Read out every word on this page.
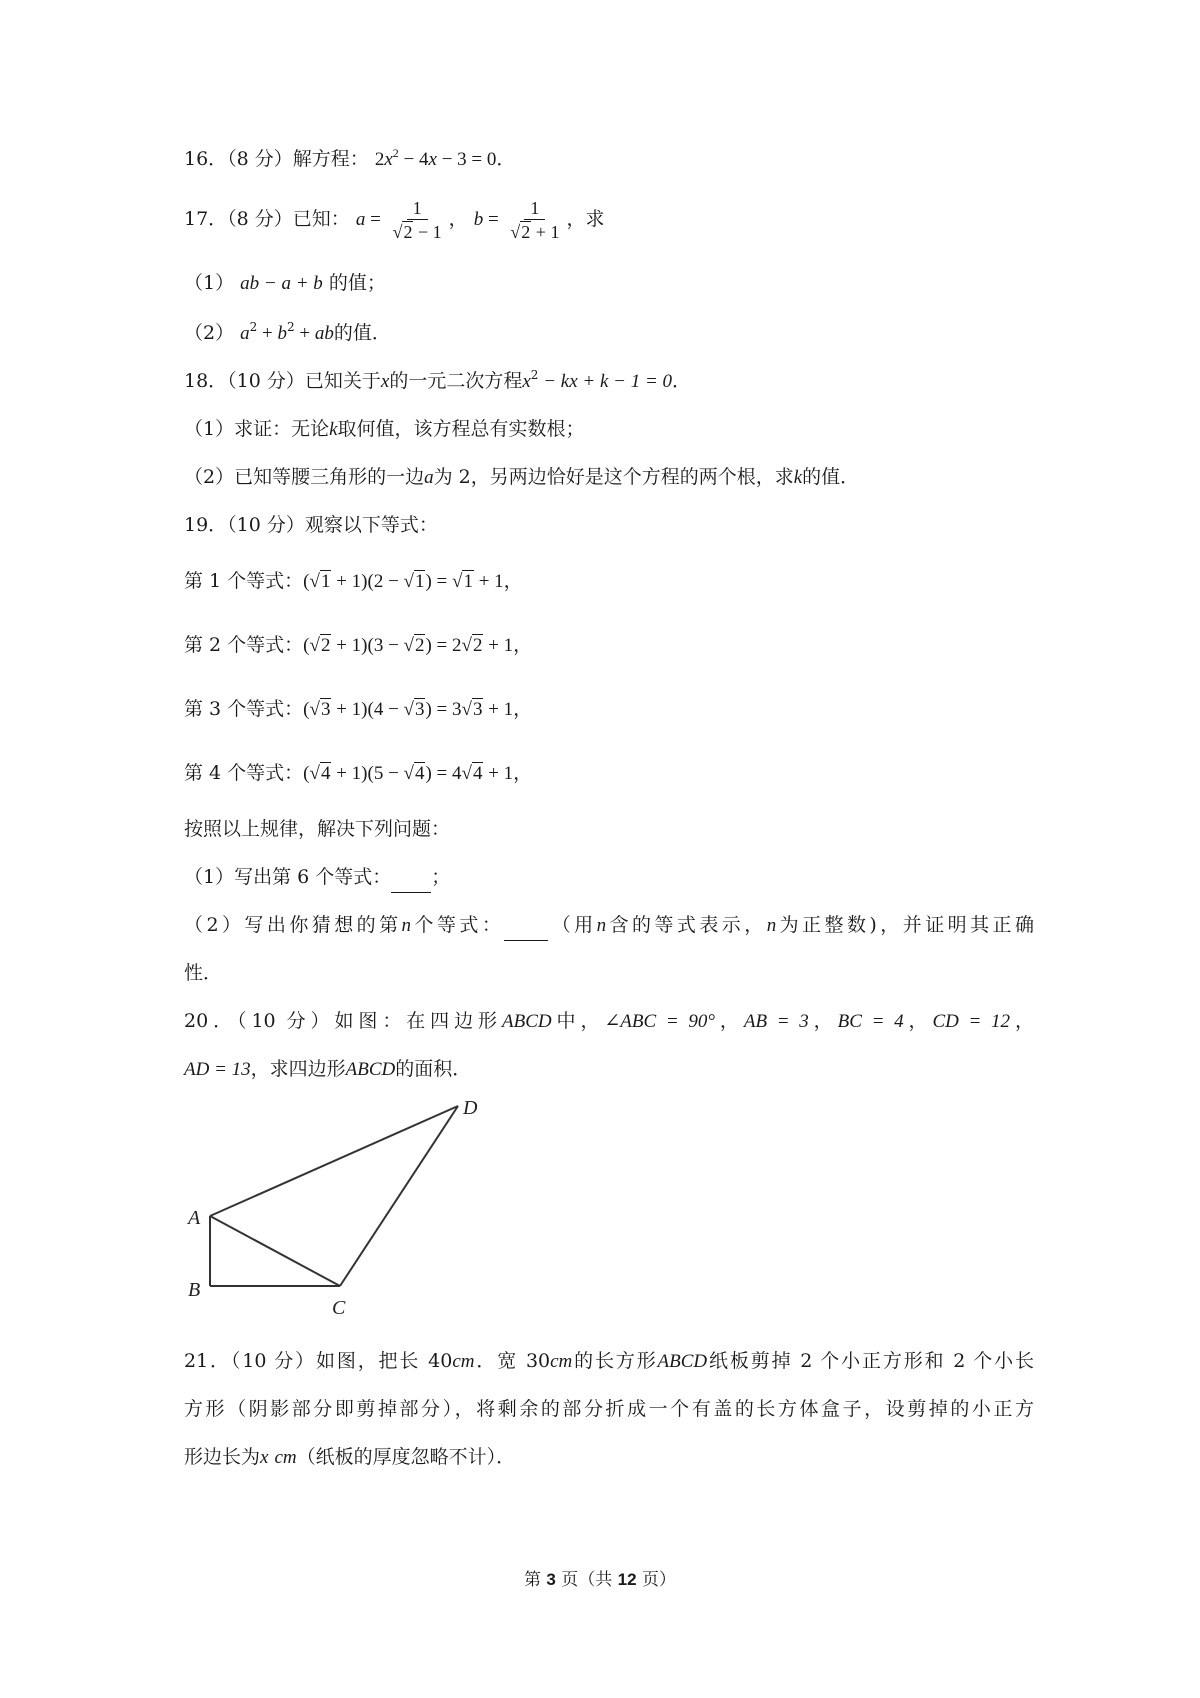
16．（8 分）解方程： $2x^2 - 4x - 3 = 0$．
17．（8 分）已知： $a = \frac{1}{√2 - 1}$ ， $b = \frac{1}{√2 + 1}$ ，求
（1） ab − a + b 的值；
（2） $a^2 + b^2$ + ab的值．
18．（10 分）已知关于x的一元二次方程$x^2$ − kx + k − 1 = 0．
（1）求证：无论k取何值，该方程总有实数根；
（2）已知等腰三角形的一边a为 2，另两边恰好是这个方程的两个根，求k的值．
19．（10 分）观察以下等式：
第 1 个等式：(√1 + 1)(2 − √1) = √1 + 1，
第 2 个等式：(√2 + 1)(3 − √2) = 2√2 + 1，
第 3 个等式：(√3 + 1)(4 − √3) = 3√3 + 1，
第 4 个等式：(√4 + 1)(5 − √4) = 4√4 + 1，
按照以上规律，解决下列问题：
（1）写出第 6 个等式： ；
（2）写出你猜想的第n个等式： （用n含的等式表示，n为正整数)，并证明其正确
性．
20．（10 分）如图：在四边形ABCD中，∠ABC = 90°，AB = 3，BC = 4，CD = 12，
AD = 13，求四边形ABCD的面积．
A
B
C
D
21．（10 分）如图，把长 40cm．宽 30cm的长方形ABCD纸板剪掉 2 个小正方形和 2 个小长
方形（阴影部分即剪掉部分），将剩余的部分折成一个有盖的长方体盒子，设剪掉的小正方
形边长为x cm（纸板的厚度忽略不计）．
第 3 页（共 12 页）
